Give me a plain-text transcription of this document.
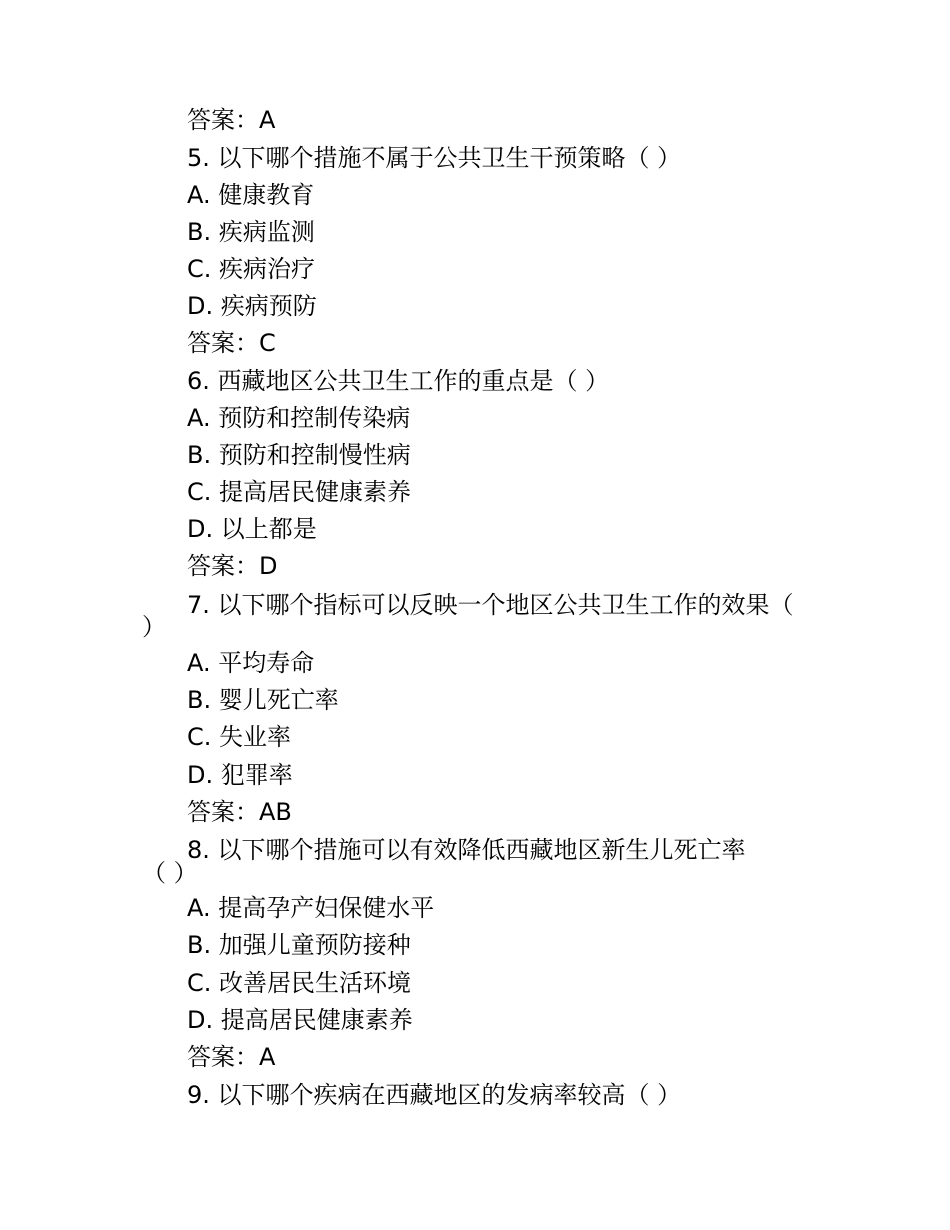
答案：A
5. 以下哪个措施不属于公共卫生干预策略（ ）
A. 健康教育
B. 疾病监测
C. 疾病治疗
D. 疾病预防
答案：C
6. 西藏地区公共卫生工作的重点是（ ）
A. 预防和控制传染病
B. 预防和控制慢性病
C. 提高居民健康素养
D. 以上都是
答案：D
7. 以下哪个指标可以反映一个地区公共卫生工作的效果（
）
A. 平均寿命
B. 婴儿死亡率
C. 失业率
D. 犯罪率
答案：AB
8. 以下哪个措施可以有效降低西藏地区新生儿死亡率
（ ）
A. 提高孕产妇保健水平
B. 加强儿童预防接种
C. 改善居民生活环境
D. 提高居民健康素养
答案：A
9. 以下哪个疾病在西藏地区的发病率较高（ ）
